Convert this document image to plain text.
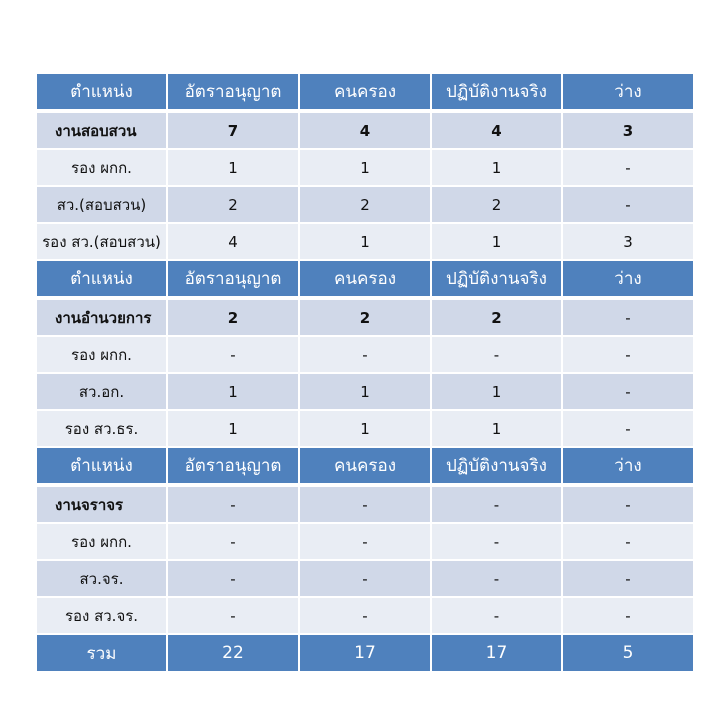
ตำแหน่ง	อัตราอนุญาต	คนครอง	ปฏิบัติงานจริง	ว่าง
งานสอบสวน	7	4	4	3
รอง ผกก.	1	1	1	-
สว.(สอบสวน)	2	2	2	-
รอง สว.(สอบสวน)	4	1	1	3
ตำแหน่ง	อัตราอนุญาต	คนครอง	ปฏิบัติงานจริง	ว่าง
งานอำนวยการ	2	2	2	-
รอง ผกก.	-	-	-	-
สว.อก.	1	1	1	-
รอง สว.ธร.	1	1	1	-
ตำแหน่ง	อัตราอนุญาต	คนครอง	ปฏิบัติงานจริง	ว่าง
งานจราจร	-	-	-	-
รอง ผกก.	-	-	-	-
สว.จร.	-	-	-	-
รอง สว.จร.	-	-	-	-
รวม	22	17	17	5
